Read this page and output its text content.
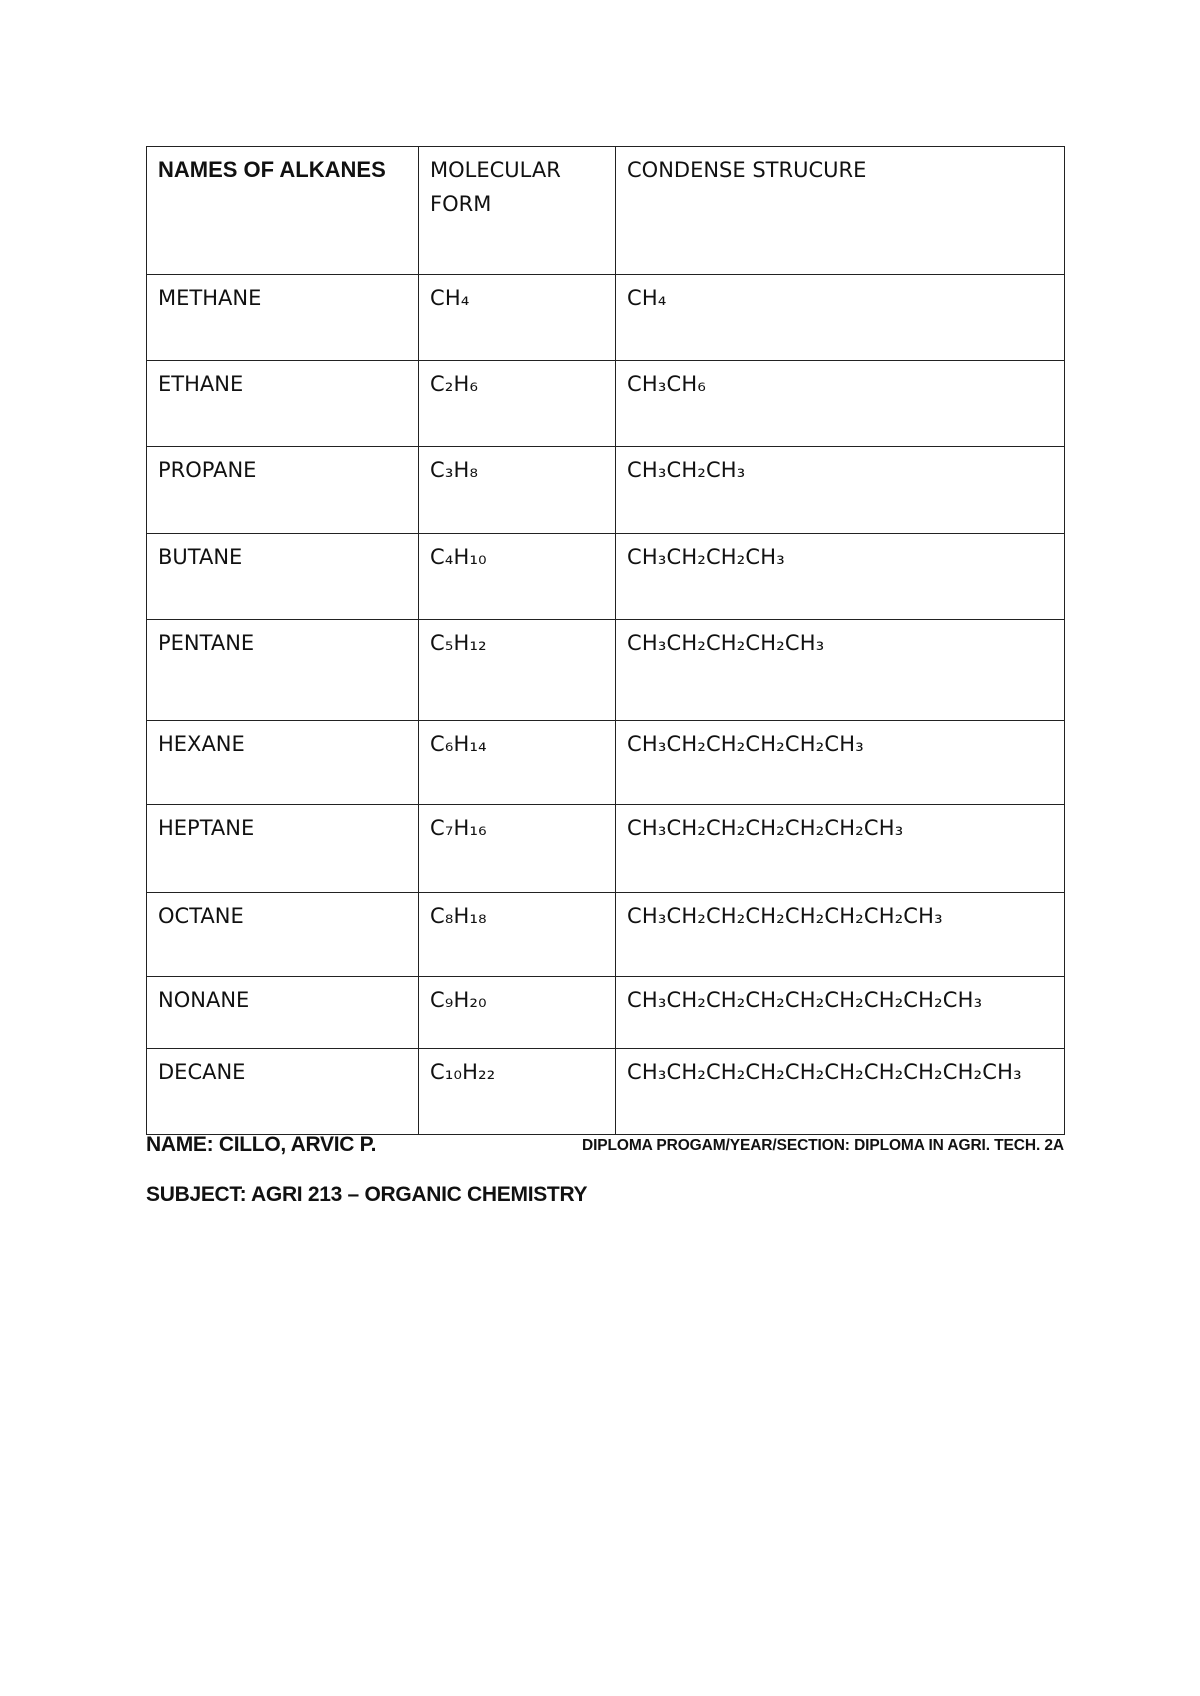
NAMES OF ALKANES	MOLECULAR FORM	CONDENSE STRUCURE
METHANE	CH₄	CH₄
ETHANE	C₂H₆	CH₃CH₆
PROPANE	C₃H₈	CH₃CH₂CH₃
BUTANE	C₄H₁₀	CH₃CH₂CH₂CH₃
PENTANE	C₅H₁₂	CH₃CH₂CH₂CH₂CH₃
HEXANE	C₆H₁₄	CH₃CH₂CH₂CH₂CH₂CH₃
HEPTANE	C₇H₁₆	CH₃CH₂CH₂CH₂CH₂CH₂CH₃
OCTANE	C₈H₁₈	CH₃CH₂CH₂CH₂CH₂CH₂CH₂CH₃
NONANE	C₉H₂₀	CH₃CH₂CH₂CH₂CH₂CH₂CH₂CH₂CH₃
DECANE	C₁₀H₂₂	CH₃CH₂CH₂CH₂CH₂CH₂CH₂CH₂CH₂CH₃
NAME: CILLO, ARVIC P.	DIPLOMA PROGAM/YEAR/SECTION: DIPLOMA IN AGRI. TECH. 2A
SUBJECT: AGRI 213 – ORGANIC CHEMISTRY
